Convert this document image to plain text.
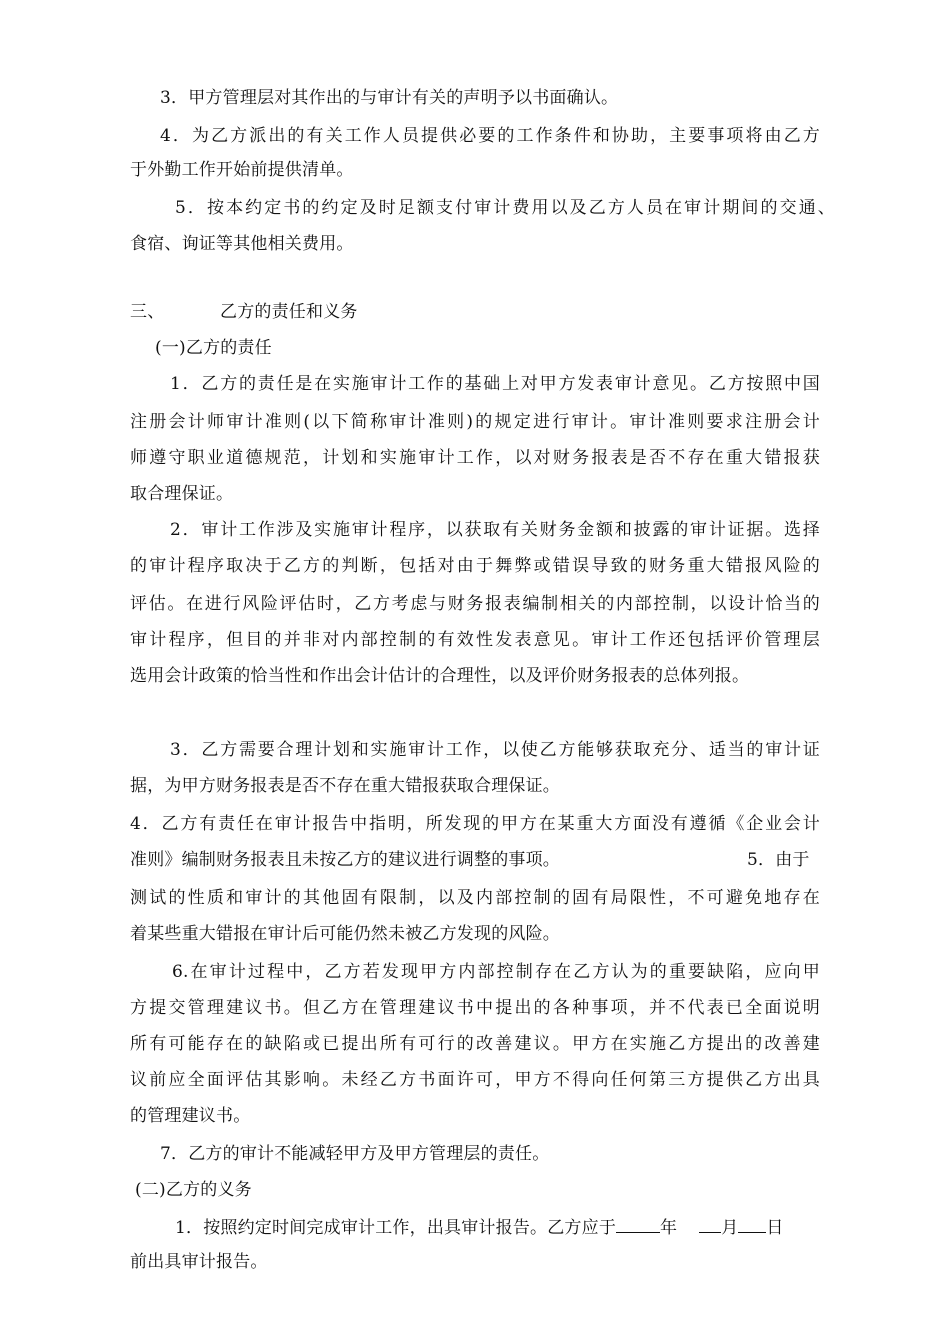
3．甲方管理层对其作出的与审计有关的声明予以书面确认。
4．为乙方派出的有关工作人员提供必要的工作条件和协助，主要事项将由乙方
于外勤工作开始前提供清单。
5．按本约定书的约定及时足额支付审计费用以及乙方人员在审计期间的交通、
食宿、询证等其他相关费用。
三、	乙方的责任和义务
(一)乙方的责任
1．乙方的责任是在实施审计工作的基础上对甲方发表审计意见。乙方按照中国
注册会计师审计准则(以下简称审计准则)的规定进行审计。审计准则要求注册会计
师遵守职业道德规范，计划和实施审计工作，以对财务报表是否不存在重大错报获
取合理保证。
2．审计工作涉及实施审计程序，以获取有关财务金额和披露的审计证据。选择
的审计程序取决于乙方的判断，包括对由于舞弊或错误导致的财务重大错报风险的
评估。在进行风险评估时，乙方考虑与财务报表编制相关的内部控制，以设计恰当的
审计程序，但目的并非对内部控制的有效性发表意见。审计工作还包括评价管理层
选用会计政策的恰当性和作出会计估计的合理性，以及评价财务报表的总体列报。
3．乙方需要合理计划和实施审计工作，以使乙方能够获取充分、适当的审计证
据，为甲方财务报表是否不存在重大错报获取合理保证。
4．乙方有责任在审计报告中指明，所发现的甲方在某重大方面没有遵循《企业会计
准则》编制财务报表且未按乙方的建议进行调整的事项。	5．由于
测试的性质和审计的其他固有限制，以及内部控制的固有局限性，不可避免地存在
着某些重大错报在审计后可能仍然未被乙方发现的风险。
6.在审计过程中，乙方若发现甲方内部控制存在乙方认为的重要缺陷，应向甲
方提交管理建议书。但乙方在管理建议书中提出的各种事项，并不代表已全面说明
所有可能存在的缺陷或已提出所有可行的改善建议。甲方在实施乙方提出的改善建
议前应全面评估其影响。未经乙方书面许可，甲方不得向任何第三方提供乙方出具
的管理建议书。
7．乙方的审计不能减轻甲方及甲方管理层的责任。
(二)乙方的义务
1．按照约定时间完成审计工作，出具审计报告。乙方应于	年	月 日
前出具审计报告。
